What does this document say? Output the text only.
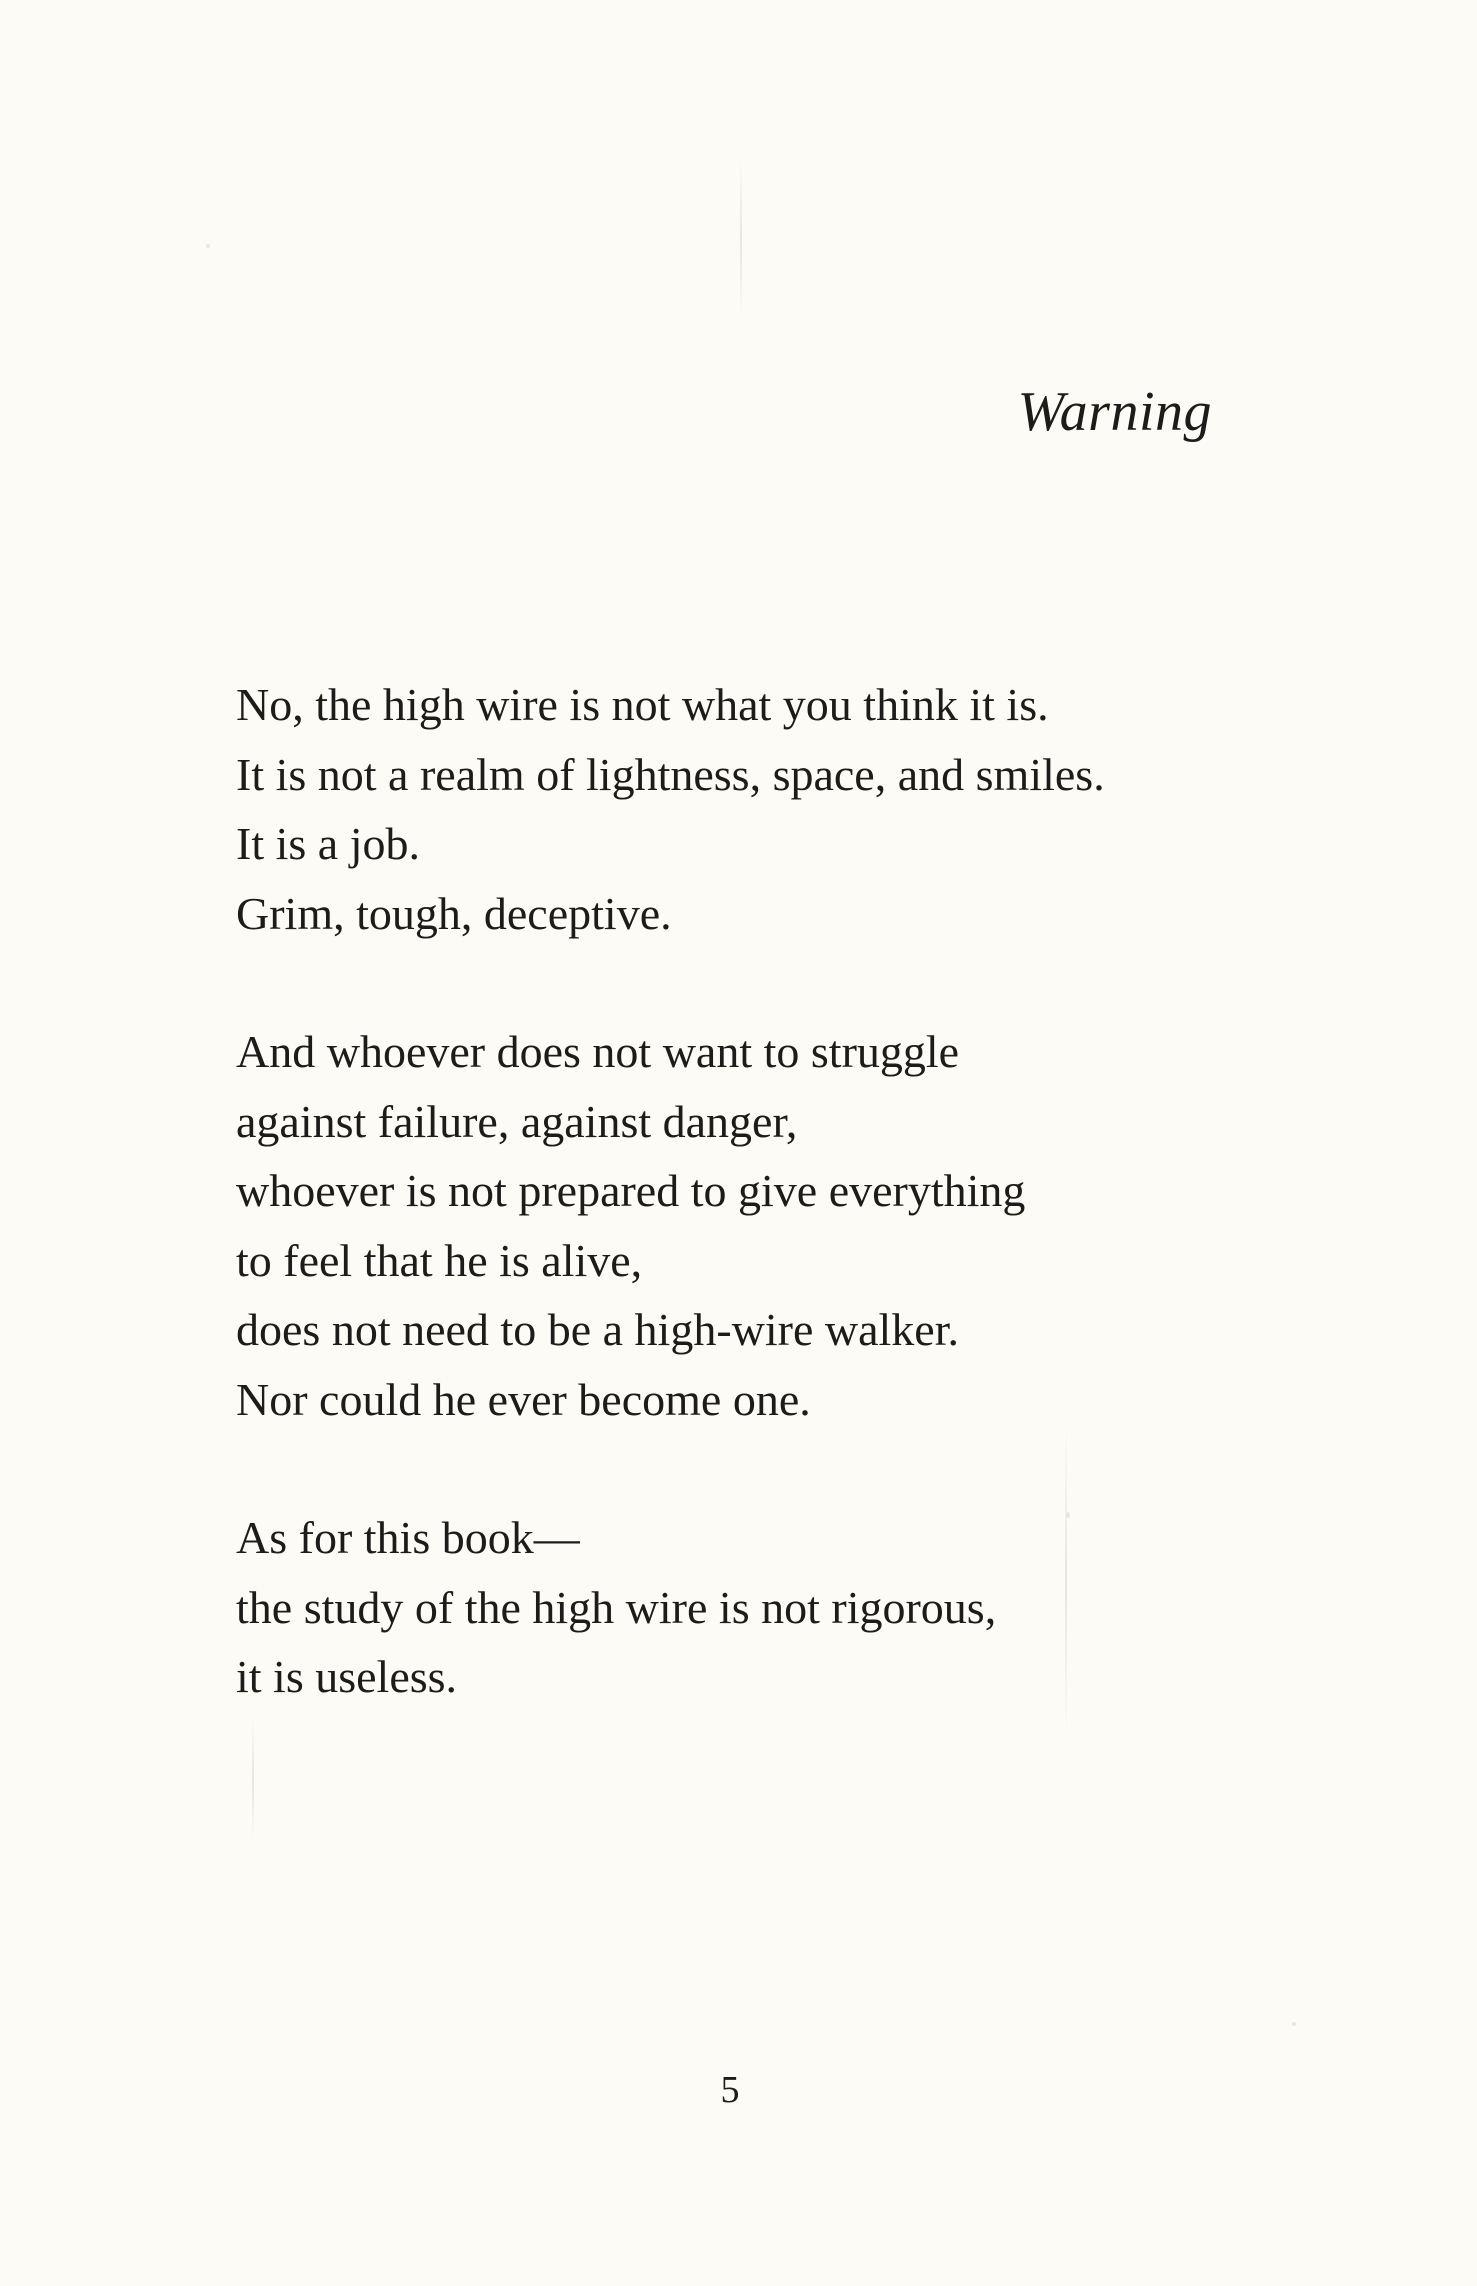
Warning
No, the high wire is not what you think it is.
It is not a realm of lightness, space, and smiles.
It is a job.
Grim, tough, deceptive.
And whoever does not want to struggle
against failure, against danger,
whoever is not prepared to give everything
to feel that he is alive,
does not need to be a high-wire walker.
Nor could he ever become one.
As for this book—
the study of the high wire is not rigorous,
it is useless.
5
